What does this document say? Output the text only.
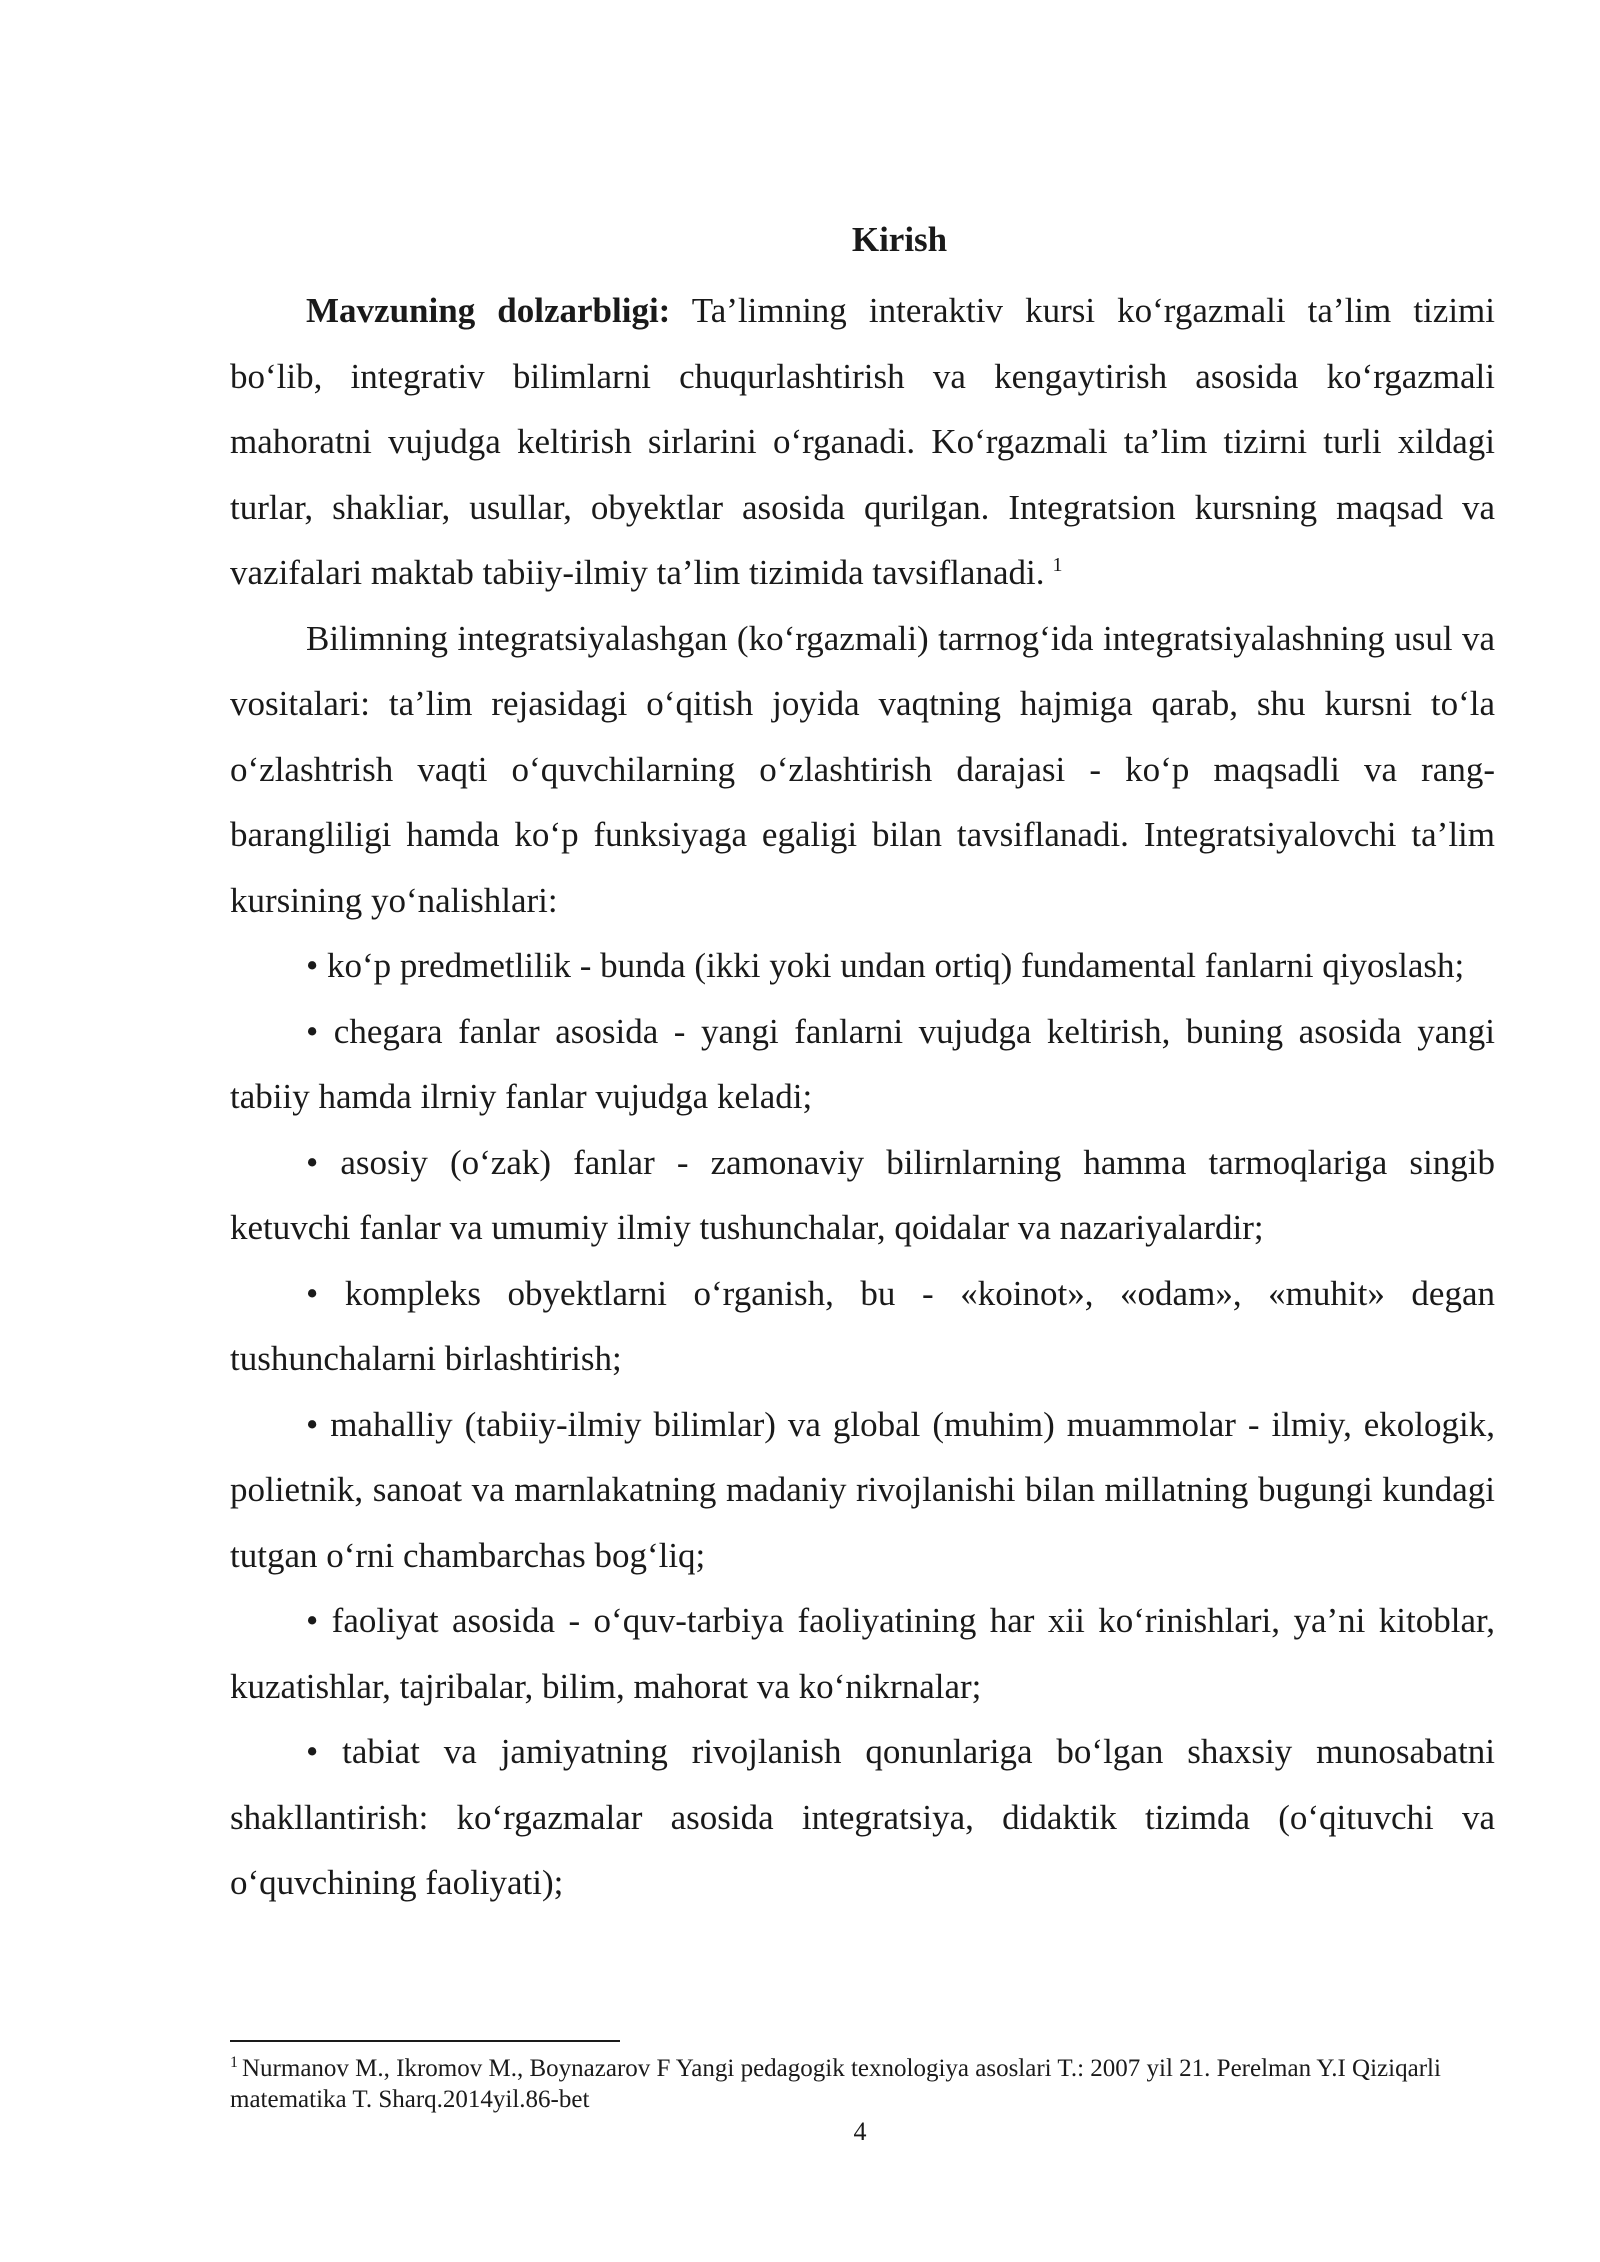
Kirish

Mavzuning dolzarbligi: Ta’limning interaktiv kursi ko‘rgazmali ta’lim tizimi bo‘lib, integrativ bilimlarni chuqurlashtirish va kengaytirish asosida ko‘rgazmali mahoratni vujudga keltirish sirlarini o‘rganadi. Ko‘rgazmali ta’lim tizirni turli xildagi turlar, shakliar, usullar, obyektlar asosida qurilgan. Integratsion kursning maqsad va vazifalari maktab tabiiy-ilmiy ta’lim tizimida tavsiflanadi. $^1$

Bilimning integratsiyalashgan (ko‘rgazmali) tarrnog‘ida integratsiyalashning usul va vositalari: ta’lim rejasidagi o‘qitish joyida vaqtning hajmiga qarab, shu kursni to‘la o‘zlashtrish vaqti o‘quvchilarning o‘zlashtirish darajasi - ko‘p maqsadli va rang-barangliligi hamda ko‘p funksiyaga egaligi bilan tavsiflanadi. Integratsiyalovchi ta’lim kursining yo‘nalishlari:

• ko‘p predmetlilik - bunda (ikki yoki undan ortiq) fundamental fanlarni qiyoslash;

• chegara fanlar asosida - yangi fanlarni vujudga keltirish, buning asosida yangi tabiiy hamda ilrniy fanlar vujudga keladi;

• asosiy (o‘zak) fanlar - zamonaviy bilirnlarning hamma tarmoqlariga singib ketuvchi fanlar va umumiy ilmiy tushunchalar, qoidalar va nazariyalardir;

• kompleks obyektlarni o‘rganish, bu - «koinot», «odam», «muhit» degan tushunchalarni birlashtirish;

• mahalliy (tabiiy-ilmiy bilimlar) va global (muhim) muammolar - ilmiy, ekologik, polietnik, sanoat va marnlakatning madaniy rivojlanishi bilan millatning bugungi kundagi tutgan o‘rni chambarchas bog‘liq;

• faoliyat asosida - o‘quv-tarbiya faoliyatining har xii ko‘rinishlari, ya’ni kitoblar, kuzatishlar, tajribalar, bilim, mahorat va ko‘nikrnalar;

• tabiat va jamiyatning rivojlanish qonunlariga bo‘lgan shaxsiy munosabatni shakllantirish: ko‘rgazmalar asosida integratsiya, didaktik tizimda (o‘qituvchi va o‘quvchining faoliyati);

$^1$ Nurmanov M., Ikromov M., Boynazarov F Yangi pedagogik texnologiya asoslari T.: 2007 yil 21. Perelman Y.I Qiziqarli matematika T. Sharq.2014yil.86-bet

4
